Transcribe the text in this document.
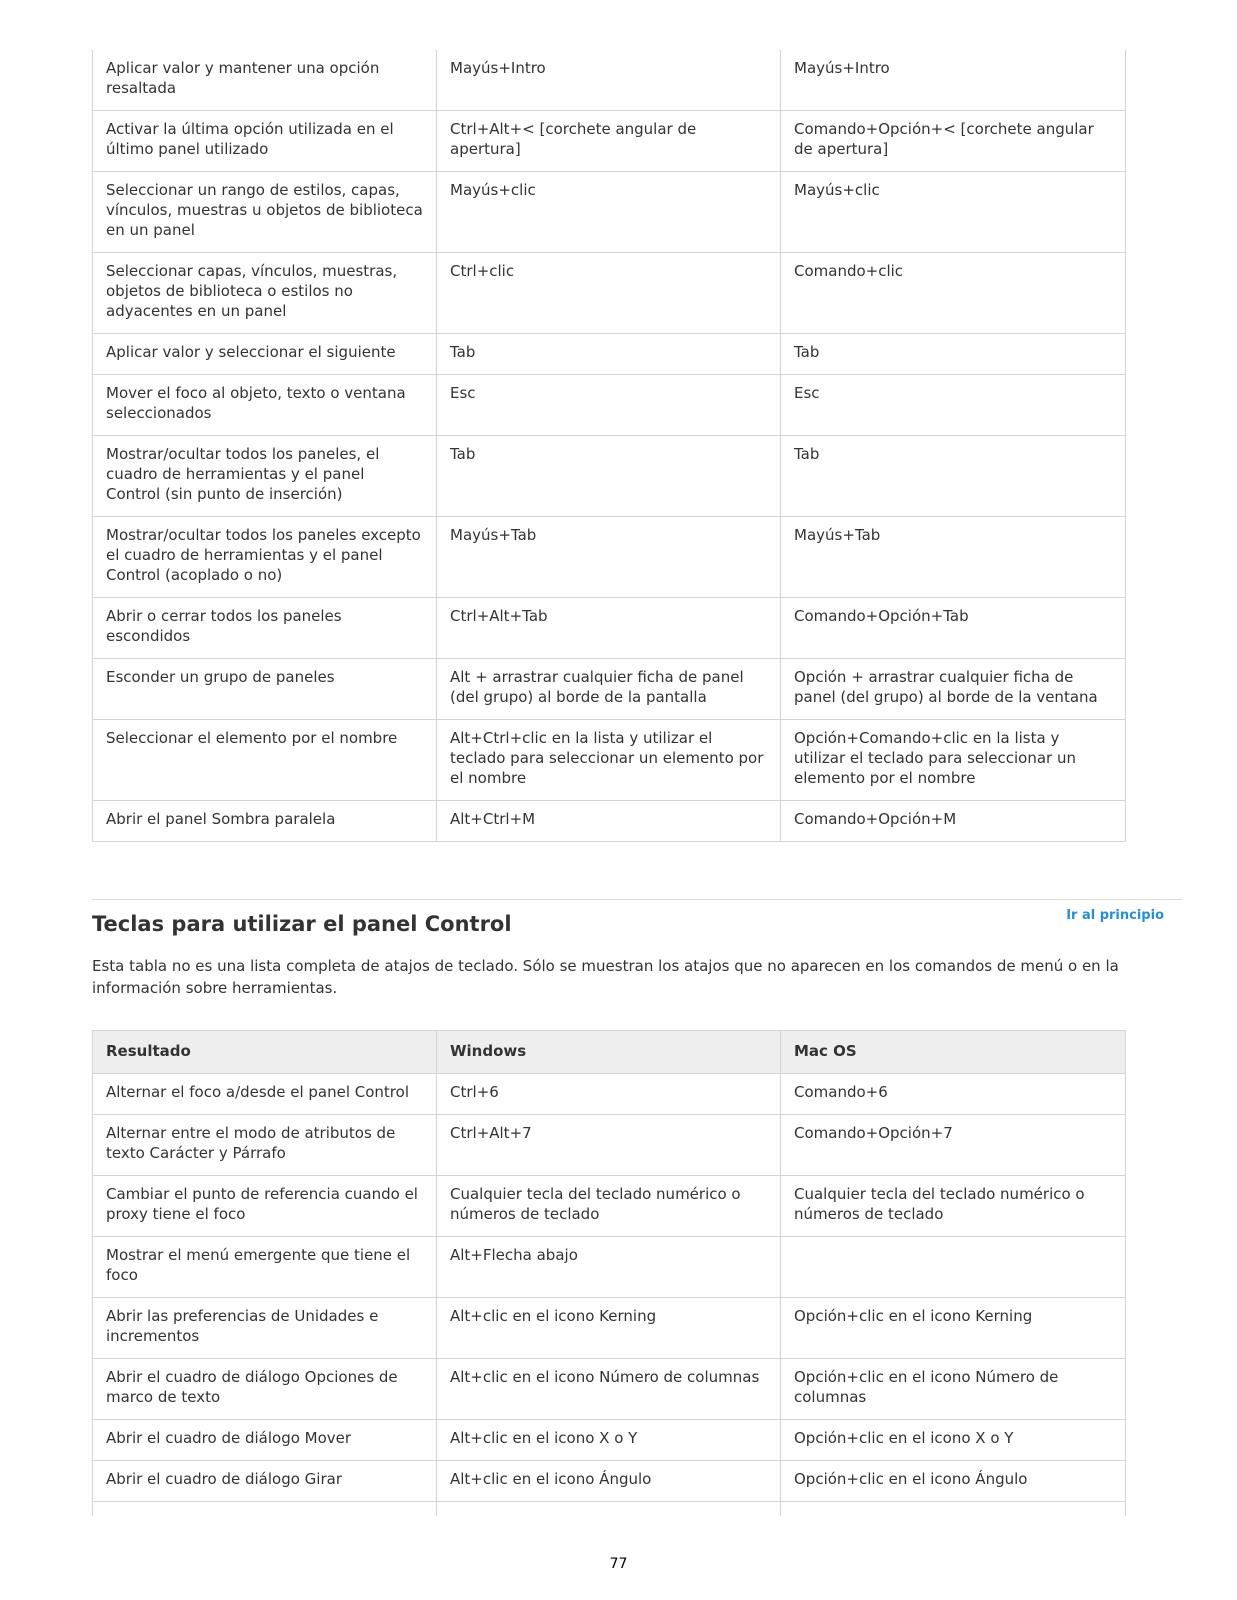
Aplicar valor y mantener una opción resaltada	Mayús+Intro	Mayús+Intro
Activar la última opción utilizada en el último panel utilizado	Ctrl+Alt+< [corchete angular de apertura]	Comando+Opción+< [corchete angular de apertura]
Seleccionar un rango de estilos, capas, vínculos, muestras u objetos de biblioteca en un panel	Mayús+clic	Mayús+clic
Seleccionar capas, vínculos, muestras, objetos de biblioteca o estilos no adyacentes en un panel	Ctrl+clic	Comando+clic
Aplicar valor y seleccionar el siguiente	Tab	Tab
Mover el foco al objeto, texto o ventana seleccionados	Esc	Esc
Mostrar/ocultar todos los paneles, el cuadro de herramientas y el panel Control (sin punto de inserción)	Tab	Tab
Mostrar/ocultar todos los paneles excepto el cuadro de herramientas y el panel Control (acoplado o no)	Mayús+Tab	Mayús+Tab
Abrir o cerrar todos los paneles escondidos	Ctrl+Alt+Tab	Comando+Opción+Tab
Esconder un grupo de paneles	Alt + arrastrar cualquier ficha de panel (del grupo) al borde de la pantalla	Opción + arrastrar cualquier ficha de panel (del grupo) al borde de la ventana
Seleccionar el elemento por el nombre	Alt+Ctrl+clic en la lista y utilizar el teclado para seleccionar un elemento por el nombre	Opción+Comando+clic en la lista y utilizar el teclado para seleccionar un elemento por el nombre
Abrir el panel Sombra paralela	Alt+Ctrl+M	Comando+Opción+M
Ir al principio
Teclas para utilizar el panel Control

Esta tabla no es una lista completa de atajos de teclado. Sólo se muestran los atajos que no aparecen en los comandos de menú o en la información sobre herramientas.

Resultado	Windows	Mac OS
Alternar el foco a/desde el panel Control	Ctrl+6	Comando+6
Alternar entre el modo de atributos de texto Carácter y Párrafo	Ctrl+Alt+7	Comando+Opción+7
Cambiar el punto de referencia cuando el proxy tiene el foco	Cualquier tecla del teclado numérico o números de teclado	Cualquier tecla del teclado numérico o números de teclado
Mostrar el menú emergente que tiene el foco	Alt+Flecha abajo	
Abrir las preferencias de Unidades e incrementos	Alt+clic en el icono Kerning	Opción+clic en el icono Kerning
Abrir el cuadro de diálogo Opciones de marco de texto	Alt+clic en el icono Número de columnas	Opción+clic en el icono Número de columnas
Abrir el cuadro de diálogo Mover	Alt+clic en el icono X o Y	Opción+clic en el icono X o Y
Abrir el cuadro de diálogo Girar	Alt+clic en el icono Ángulo	Opción+clic en el icono Ángulo

77
